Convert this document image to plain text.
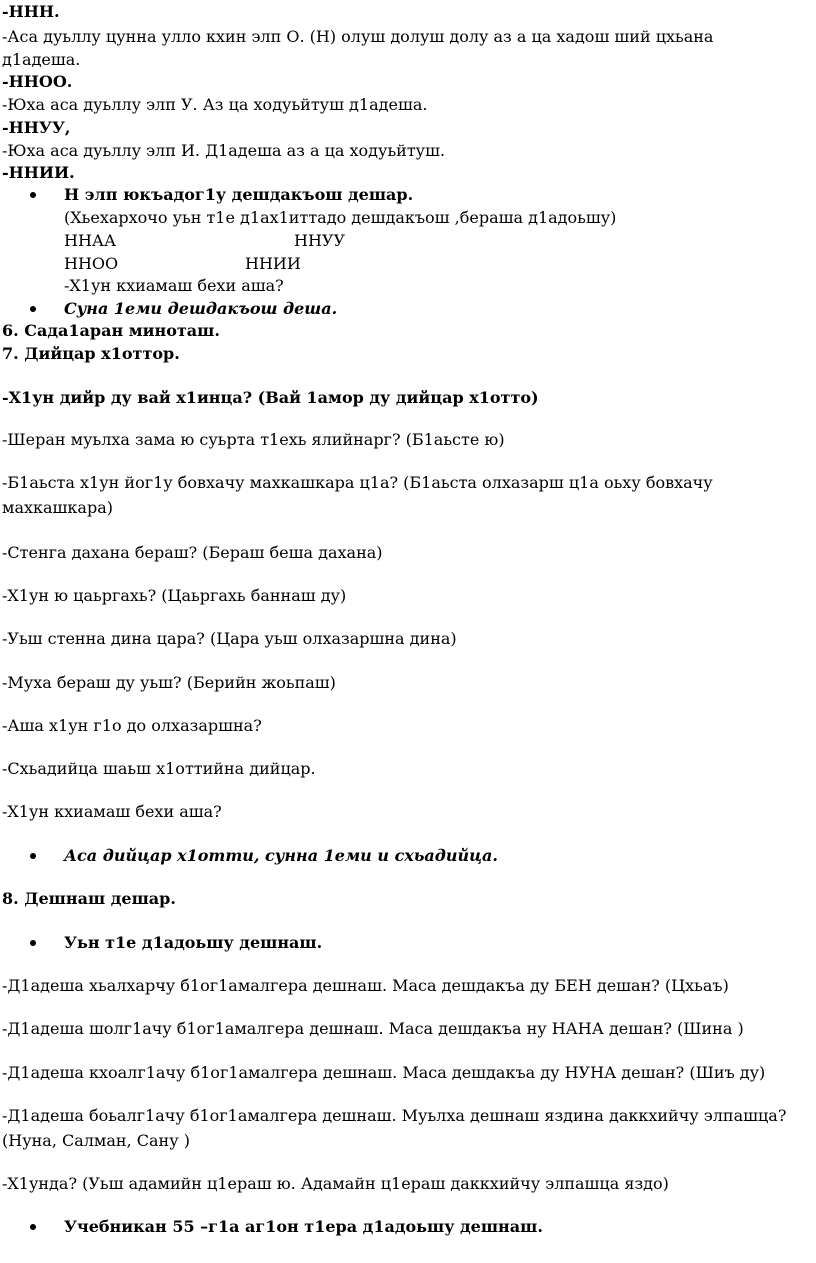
-ННН.
-Аса дуьллу цунна улло кхин элп О. (Н) олуш долуш долу аз а ца хадош ший цхьана
д1адеша.
-ННОО.
-Юха аса дуьллу элп У. Аз ца ходуьйтуш д1адеша.
-ННУУ,
-Юха аса дуьллу элп И. Д1адеша аз а ца ходуьйтуш.
-ННИИ.
Н элп юкъадог1у дешдакъош дешар.
(Хьехархочо уьн т1е д1ах1иттадо дешдакъош ,бераша д1адоьшу)
ННАА	ННУУ
ННОО	ННИИ
-Х1ун кхиамаш бехи аша?
Суна 1еми дешдакъош деша.
6. Сада1аран миноташ.
7. Дийцар х1оттор.
-Х1ун дийр ду вай х1инца? (Вай 1амор ду дийцар х1отто)
-Шеран муьлха зама ю суьрта т1ехь ялийнарг? (Б1аьсте ю)
-Б1аьста х1ун йог1у бовхачу махкашкара ц1а? (Б1аьста олхазарш ц1а оьху бовхачу
махкашкара)
-Стенга дахана бераш? (Бераш беша дахана)
-Х1ун ю цаьргахь? (Цаьргахь баннаш ду)
-Уьш стенна дина цара? (Цара уьш олхазаршна дина)
-Муха бераш ду уьш? (Берийн жоьпаш)
-Аша х1ун г1о до олхазаршна?
-Схьадийца шаьш х1оттийна дийцар.
-Х1ун кхиамаш бехи аша?
Аса дийцар х1отти, сунна 1еми и схьадийца.
8. Дешнаш дешар.
Уьн т1е д1адоьшу дешнаш.
-Д1адеша хьалхарчу б1ог1амалгера дешнаш. Маса дешдакъа ду БЕН дешан? (Цхьаъ)
-Д1адеша шолг1ачу б1ог1амалгера дешнаш. Маса дешдакъа ну НАНА дешан? (Шина )
-Д1адеша кхоалг1ачу б1ог1амалгера дешнаш. Маса дешдакъа ду НУНА дешан? (Шиъ ду)
-Д1адеша боьалг1ачу б1ог1амалгера дешнаш. Муьлха дешнаш яздина даккхийчу элпашца?
(Нуна, Салман, Сану )
-Х1унда? (Уьш адамийн ц1ераш ю. Адамайн ц1ераш даккхийчу элпашца яздо)
Учебникан 55 –г1а аг1он т1ера д1адоьшу дешнаш.
